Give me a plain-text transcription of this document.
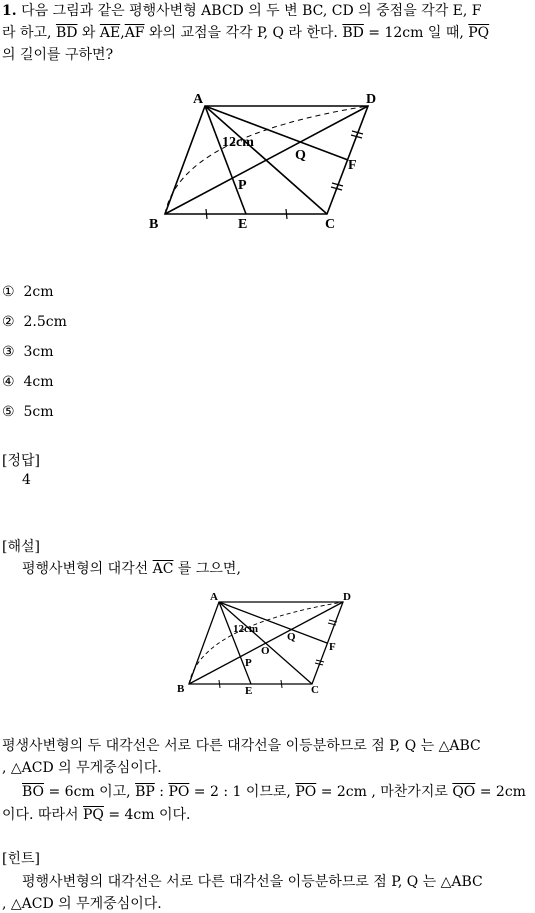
1. 다음 그림과 같은 평행사변형 ABCD 의 두 변 BC, CD 의 중점을 각각 E, F
라 하고, $\overline{BD}$ 와 $\overline{AE},\overline{AF}$ 와의 교점을 각각 P, Q 라 한다. $\overline{BD} = 12cm$ 일 때, $\overline{PQ}$
의 길이를 구하면?
A	D
B	E	C
F
P
Q
12cm
① 2cm
② 2.5cm
③ 3cm
④ 4cm
⑤ 5cm
[정답]
4
[해설]
평행사변형의 대각선 $\overline{AC}$ 를 그으면,
A	D
B	E	C
F
P
Q
O
12cm
평생사변형의 두 대각선은 서로 다른 대각선을 이등분하므로 점 P, Q 는 △ABC
, △ACD 의 무게중심이다.
$\overline{BO} = 6cm$ 이고, $\overline{BP}$ : $\overline{PO} = 2$ : 1 이므로, $\overline{PO} = 2cm$ , 마찬가지로 $\overline{QO} = 2cm$
이다. 따라서 $\overline{PQ} = 4cm$ 이다.
[힌트]
평행사변형의 대각선은 서로 다른 대각선을 이등분하므로 점 P, Q 는 △ABC
, △ACD 의 무게중심이다.
